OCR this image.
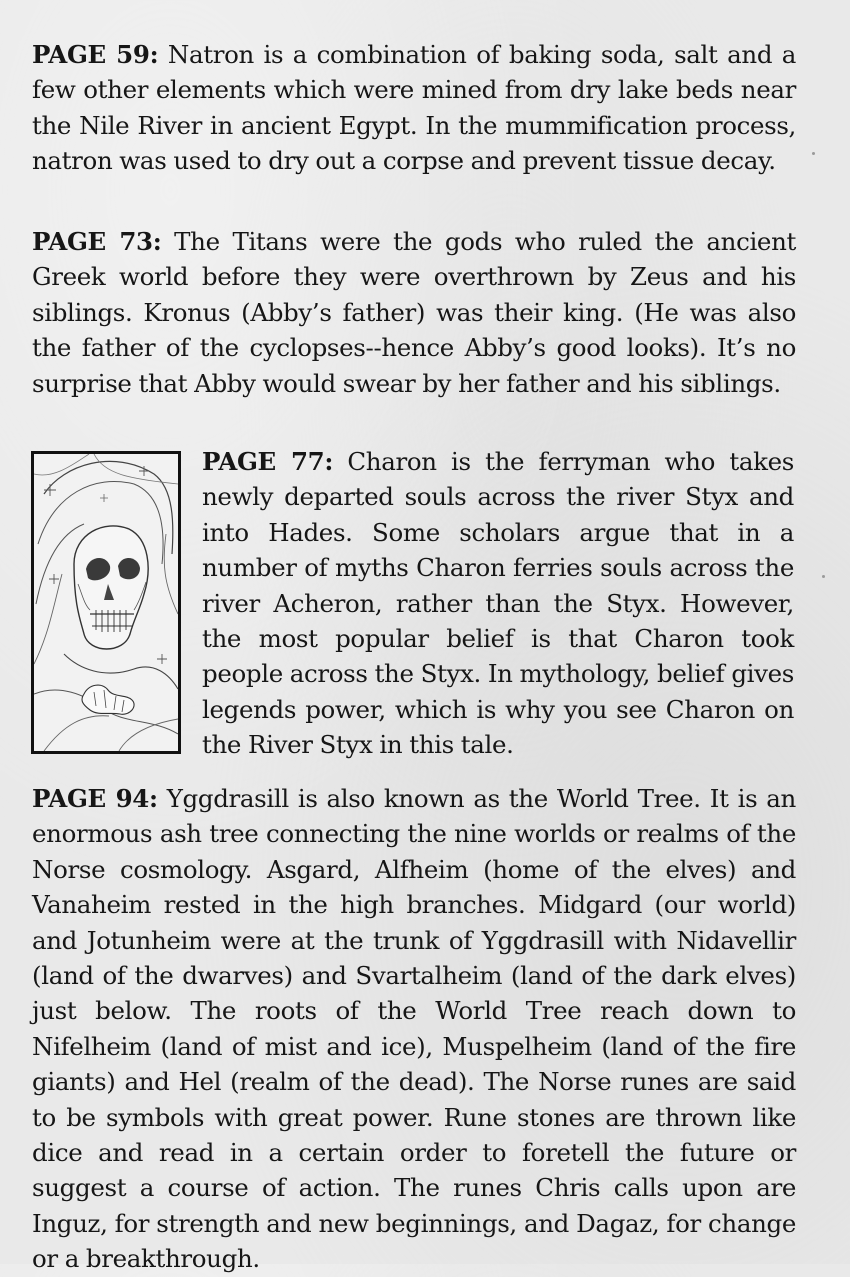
PAGE 59: Natron is a combination of baking soda, salt and a few other elements which were mined from dry lake beds near the Nile River in ancient Egypt. In the mummification process, natron was used to dry out a corpse and prevent tissue decay.

PAGE 73: The Titans were the gods who ruled the ancient Greek world before they were overthrown by Zeus and his siblings. Kronus (Abby’s father) was their king. (He was also the father of the cyclopses--hence Abby’s good looks). It’s no surprise that Abby would swear by her father and his siblings.

PAGE 77: Charon is the ferryman who takes newly departed souls across the river Styx and into Hades. Some scholars argue that in a number of myths Charon ferries souls across the river Acheron, rather than the Styx. However, the most popular belief is that Charon took people across the Styx. In mythology, belief gives legends power, which is why you see Charon on the River Styx in this tale.

PAGE 94: Yggdrasill is also known as the World Tree. It is an enormous ash tree connecting the nine worlds or realms of the Norse cosmology. Asgard, Alfheim (home of the elves) and Vanaheim rested in the high branches. Midgard (our world) and Jotunheim were at the trunk of Yggdrasill with Nidavellir (land of the dwarves) and Svartalheim (land of the dark elves) just below. The roots of the World Tree reach down to Nifelheim (land of mist and ice), Muspelheim (land of the fire giants) and Hel (realm of the dead). The Norse runes are said to be symbols with great power. Rune stones are thrown like dice and read in a certain order to foretell the future or suggest a course of action. The runes Chris calls upon are Inguz, for strength and new beginnings, and Dagaz, for change or a breakthrough.
